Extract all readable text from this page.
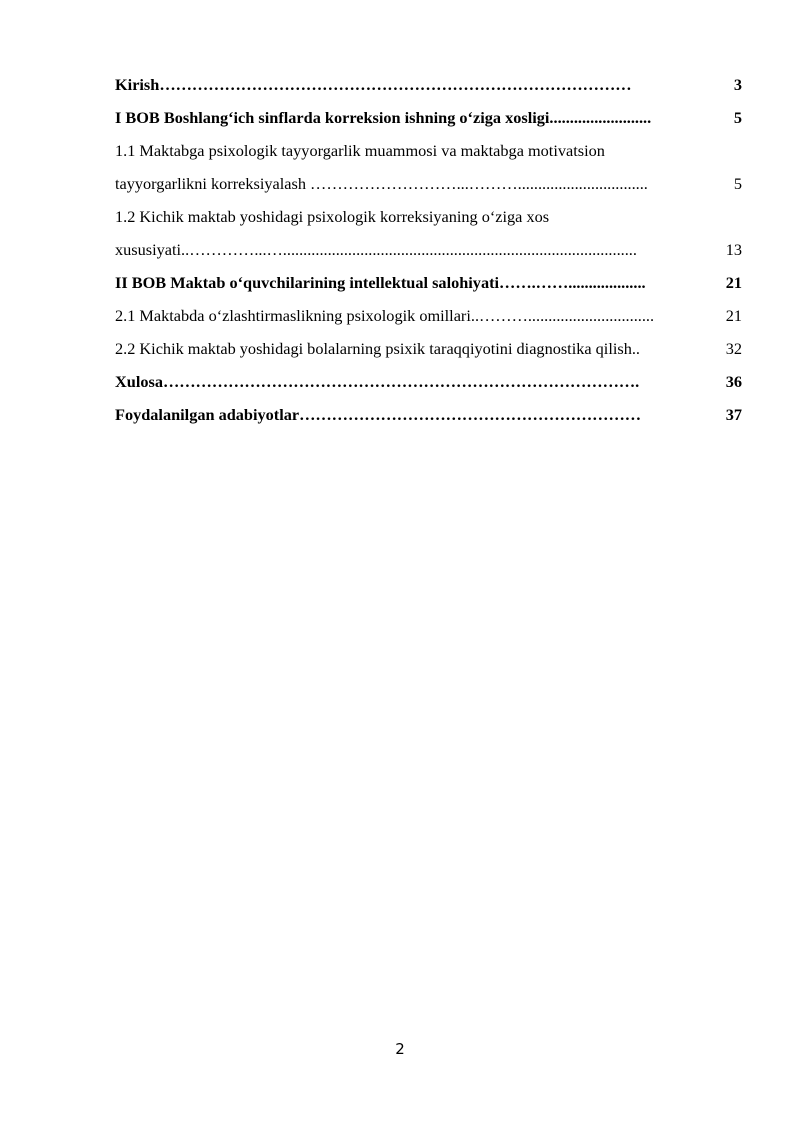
Kirish ……………………………………………………………………………	3
I BOB Boshlang‘ich sinflarda korreksion ishning o‘ziga xosligi .........................	5
1.1 Maktabga psixologik tayyorgarlik muammosi va maktabga motivatsion
tayyorgarlikni korreksiyalash ………………………...………................................	5
1.2 Kichik maktab yoshidagi psixologik korreksiyaning o‘ziga xos
xususiyati ..…………...….......................................................................................	13
II BOB Maktab o‘quvchilarining intellektual salohiyati …….……...................	21
2.1 Maktabda o‘zlashtirmaslikning psixologik omillari ..………...............................	21
2.2 Kichik maktab yoshidagi bolalarning psixik taraqqiyotini diagnostika qilish ..	32
Xulosa …………………………………………………………………………….	36
Foydalanilgan adabiyotlar ………………………………………………………	37
2
